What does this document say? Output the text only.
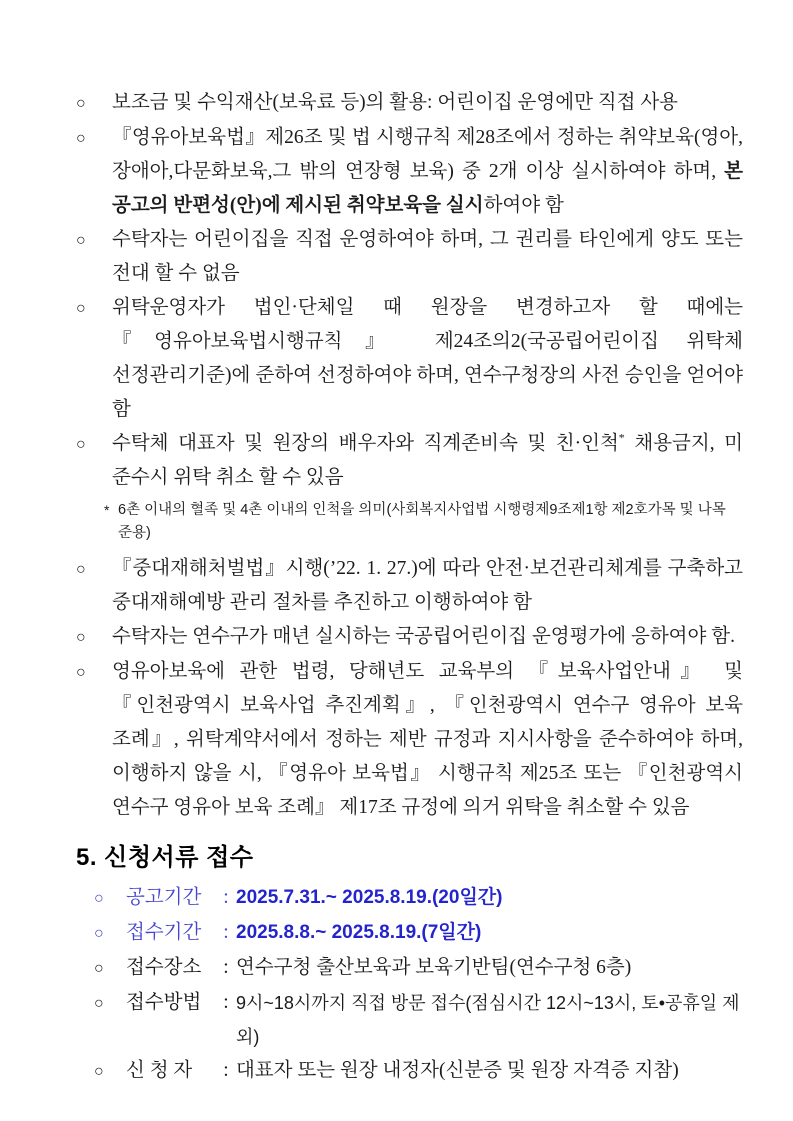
○	보조금 및 수익재산(보육료 등)의 활용: 어린이집 운영에만 직접 사용

○	『영유아보육법』제26조 및 법 시행규칙 제28조에서 정하는 취약보육(영아,장애아,다문화보육,그 밖의 연장형 보육) 중 2개 이상 실시하여야 하며, 본 공고의 반편성(안)에 제시된 취약보육을 실시하여야 함

○	수탁자는 어린이집을 직접 운영하여야 하며, 그 권리를 타인에게 양도 또는 전대 할 수 없음

○	위탁운영자가 법인·단체일 때 원장을 변경하고자 할 때에는 『영유아보육법시행규칙』 제24조의2(국공립어린이집 위탁체 선정관리기준)에 준하여 선정하여야 하며, 연수구청장의 사전 승인을 얻어야 함

○	수탁체 대표자 및 원장의 배우자와 직계존비속 및 친·인척* 채용금지, 미 준수시 위탁 취소 할 수 있음

* 6촌 이내의 혈족 및 4촌 이내의 인척을 의미(사회복지사업법 시행령제9조제1항 제2호가목 및 나목 준용)

○	『중대재해처벌법』시행(’22. 1. 27.)에 따라 안전·보건관리체계를 구축하고 중대재해예방 관리 절차를 추진하고 이행하여야 함

○	수탁자는 연수구가 매년 실시하는 국공립어린이집 운영평가에 응하여야 함.

○	영유아보육에 관한 법령, 당해년도 교육부의 『보육사업안내』 및 『인천광역시 보육사업 추진계획』, 『인천광역시 연수구 영유아 보육 조례』, 위탁계약서에서 정하는 제반 규정과 지시사항을 준수하여야 하며, 이행하지 않을 시, 『영유아 보육법』 시행규칙 제25조 또는 『인천광역시 연수구 영유아 보육 조례』 제17조 규정에 의거 위탁을 취소할 수 있음

5. 신청서류 접수

○	공고기간	: 2025.7.31.~ 2025.8.19.(20일간)

○	접수기간	: 2025.8.8.~ 2025.8.19.(7일간)

○	접수장소	: 연수구청 출산보육과 보육기반팀(연수구청 6층)

○	접수방법	: 9시~18시까지 직접 방문 접수(점심시간 12시~13시, 토•공휴일 제외)

○	신 청 자	: 대표자 또는 원장 내정자(신분증 및 원장 자격증 지참)
